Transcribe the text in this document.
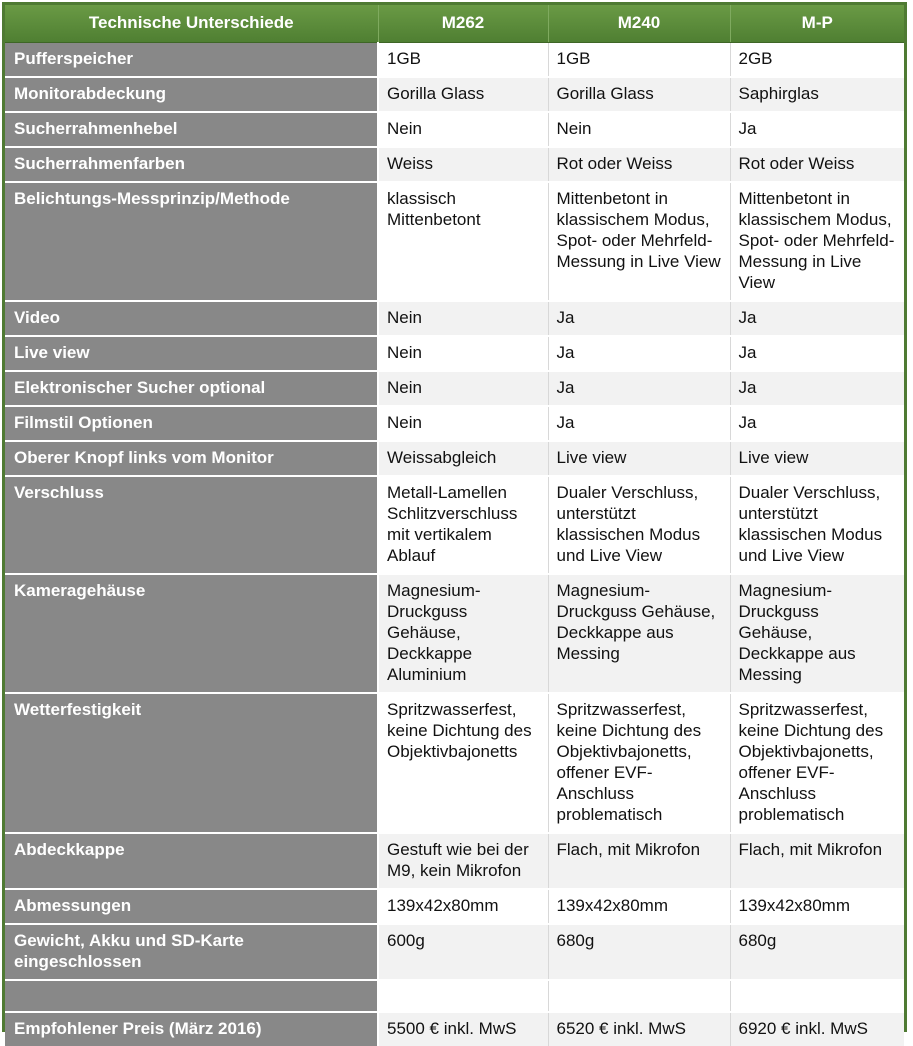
Technische Unterschiede	M262	M240	M-P
Pufferspeicher	1GB	1GB	2GB
Monitorabdeckung	Gorilla Glass	Gorilla Glass	Saphirglas
Sucherrahmenhebel	Nein	Nein	Ja
Sucherrahmenfarben	Weiss	Rot oder Weiss	Rot oder Weiss
Belichtungs-Messprinzip/Methode	klassisch Mittenbetont	Mittenbetont in klassischem Modus, Spot- oder Mehrfeld-Messung in Live View	Mittenbetont in klassischem Modus, Spot- oder Mehrfeld-Messung in Live View
Video	Nein	Ja	Ja
Live view	Nein	Ja	Ja
Elektronischer Sucher optional	Nein	Ja	Ja
Filmstil Optionen	Nein	Ja	Ja
Oberer Knopf links vom Monitor	Weissabgleich	Live view	Live view
Verschluss	Metall-Lamellen Schlitzverschluss mit vertikalem Ablauf	Dualer Verschluss, unterstützt klassischen Modus und Live View	Dualer Verschluss, unterstützt klassischen Modus und Live View
Kameragehäuse	Magnesium-Druckguss Gehäuse, Deckkappe Aluminium	Magnesium-Druckguss Gehäuse, Deckkappe aus Messing	Magnesium-Druckguss Gehäuse, Deckkappe aus Messing
Wetterfestigkeit	Spritzwasserfest, keine Dichtung des Objektivbajonetts	Spritzwasserfest, keine Dichtung des Objektivbajonetts, offener EVF-Anschluss problematisch	Spritzwasserfest, keine Dichtung des Objektivbajonetts, offener EVF-Anschluss problematisch
Abdeckkappe	Gestuft wie bei der M9, kein Mikrofon	Flach, mit Mikrofon	Flach, mit Mikrofon
Abmessungen	139x42x80mm	139x42x80mm	139x42x80mm
Gewicht, Akku und SD-Karte eingeschlossen	600g	680g	680g

Empfohlener Preis (März 2016)	5500 € inkl. MwS	6520 € inkl. MwS	6920 € inkl. MwS
